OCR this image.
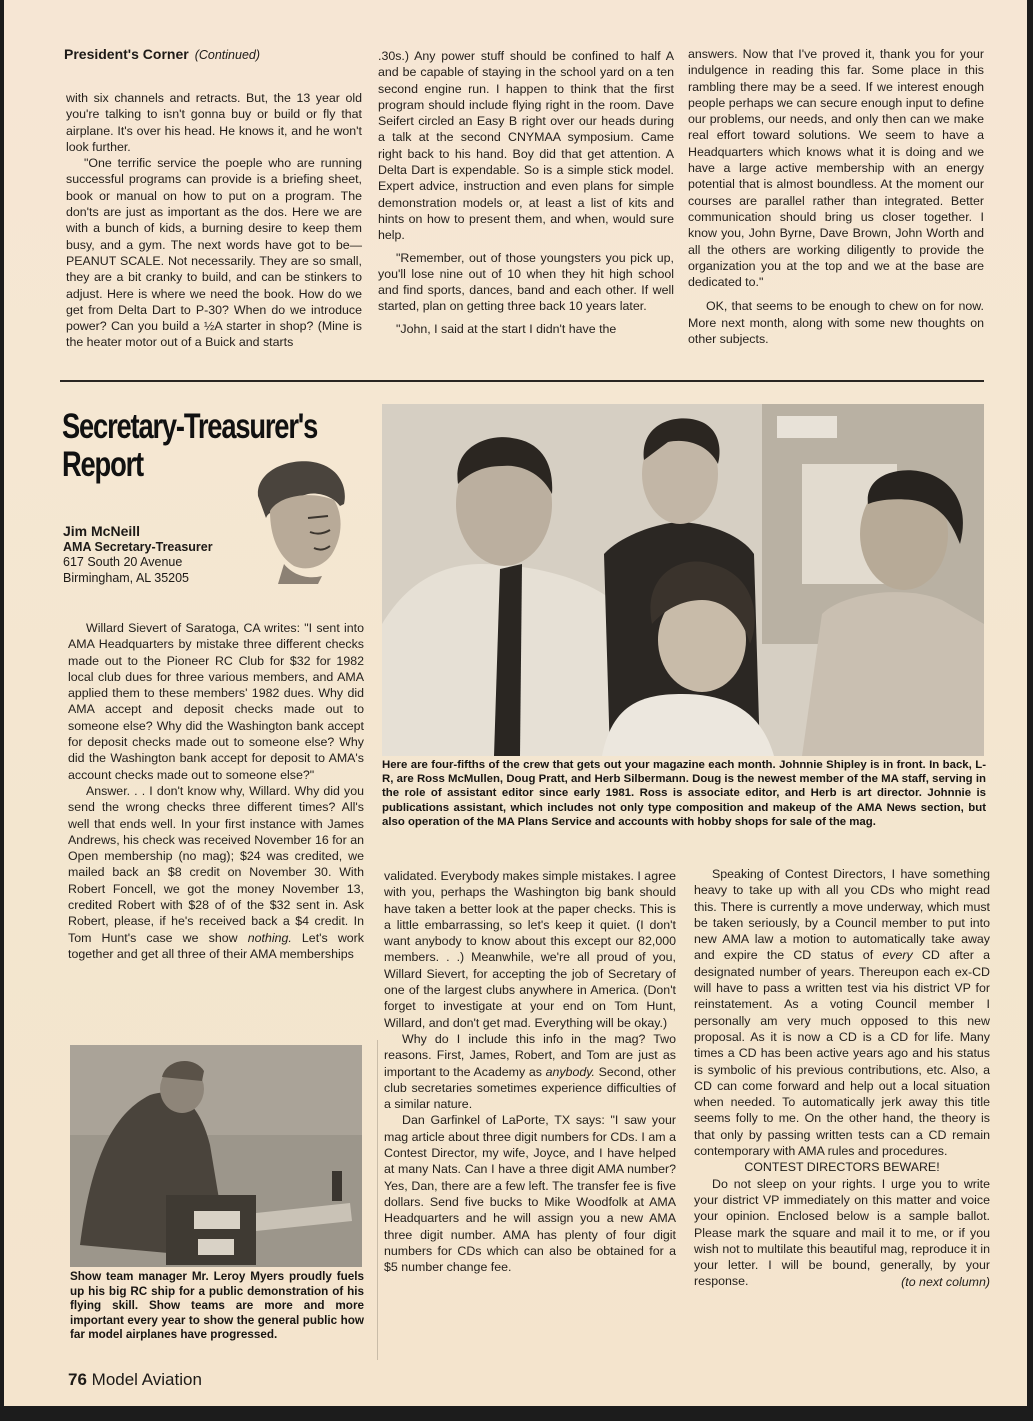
President's Corner (Continued)

with six channels and retracts. But, the 13 year old you're talking to isn't gonna buy or build or fly that airplane. It's over his head. He knows it, and he won't look further.

"One terrific service the poeple who are running successful programs can provide is a briefing sheet, book or manual on how to put on a program. The don'ts are just as important as the dos. Here we are with a bunch of kids, a burning desire to keep them busy, and a gym. The next words have got to be—PEANUT SCALE. Not necessarily. They are so small, they are a bit cranky to build, and can be stinkers to adjust. Here is where we need the book. How do we get from Delta Dart to P-30? When do we introduce power? Can you build a ½A starter in shop? (Mine is the heater motor out of a Buick and starts

.30s.) Any power stuff should be confined to half A and be capable of staying in the school yard on a ten second engine run. I happen to think that the first program should include flying right in the room. Dave Seifert circled an Easy B right over our heads during a talk at the second CNYMAA symposium. Came right back to his hand. Boy did that get attention. A Delta Dart is expendable. So is a simple stick model. Expert advice, instruction and even plans for simple demonstration models or, at least a list of kits and hints on how to present them, and when, would sure help.

"Remember, out of those youngsters you pick up, you'll lose nine out of 10 when they hit high school and find sports, dances, band and each other. If well started, plan on getting three back 10 years later.

"John, I said at the start I didn't have the

answers. Now that I've proved it, thank you for your indulgence in reading this far. Some place in this rambling there may be a seed. If we interest enough people perhaps we can secure enough input to define our problems, our needs, and only then can we make real effort toward solutions. We seem to have a Headquarters which knows what it is doing and we have a large active membership with an energy potential that is almost boundless. At the moment our courses are parallel rather than integrated. Better communication should bring us closer together. I know you, John Byrne, Dave Brown, John Worth and all the others are working diligently to provide the organization you at the top and we at the base are dedicated to."

OK, that seems to be enough to chew on for now. More next month, along with some new thoughts on other subjects.

Secretary-Treasurer's
Report
Jim McNeill
AMA Secretary-Treasurer
617 South 20 Avenue
Birmingham, AL 35205
Here are four-fifths of the crew that gets out your magazine each month. Johnnie Shipley is in front. In back, L-R, are Ross McMullen, Doug Pratt, and Herb Silbermann. Doug is the newest member of the MA staff, serving in the role of assistant editor since early 1981. Ross is associate editor, and Herb is art director. Johnnie is publications assistant, which includes not only type composition and makeup of the AMA News section, but also operation of the MA Plans Service and accounts with hobby shops for sale of the mag.

Willard Sievert of Saratoga, CA writes: "I sent into AMA Headquarters by mistake three different checks made out to the Pioneer RC Club for $32 for 1982 local club dues for three various members, and AMA applied them to these members' 1982 dues. Why did AMA accept and deposit checks made out to someone else? Why did the Washington bank accept for deposit checks made out to someone else? Why did the Washington bank accept for deposit to AMA's account checks made out to someone else?"

Answer. . . I don't know why, Willard. Why did you send the wrong checks three different times? All's well that ends well. In your first instance with James Andrews, his check was received November 16 for an Open membership (no mag); $24 was credited, we mailed back an $8 credit on November 30. With Robert Foncell, we got the money November 13, credited Robert with $28 of of the $32 sent in. Ask Robert, please, if he's received back a $4 credit. In Tom Hunt's case we show nothing. Let's work together and get all three of their AMA memberships

Show team manager Mr. Leroy Myers proudly fuels up his big RC ship for a public demonstration of his flying skill. Show teams are more and more important every year to show the general public how far model airplanes have progressed.

validated. Everybody makes simple mistakes. I agree with you, perhaps the Washington big bank should have taken a better look at the paper checks. This is a little embarrassing, so let's keep it quiet. (I don't want anybody to know about this except our 82,000 members. . .) Meanwhile, we're all proud of you, Willard Sievert, for accepting the job of Secretary of one of the largest clubs anywhere in America. (Don't forget to investigate at your end on Tom Hunt, Willard, and don't get mad. Everything will be okay.)

Why do I include this info in the mag? Two reasons. First, James, Robert, and Tom are just as important to the Academy as anybody. Second, other club secretaries sometimes experience difficulties of a similar nature.

Dan Garfinkel of LaPorte, TX says: "I saw your mag article about three digit numbers for CDs. I am a Contest Director, my wife, Joyce, and I have helped at many Nats. Can I have a three digit AMA number? Yes, Dan, there are a few left. The transfer fee is five dollars. Send five bucks to Mike Woodfolk at AMA Headquarters and he will assign you a new AMA three digit number. AMA has plenty of four digit numbers for CDs which can also be obtained for a $5 number change fee.

Speaking of Contest Directors, I have something heavy to take up with all you CDs who might read this. There is currently a move underway, which must be taken seriously, by a Council member to put into new AMA law a motion to automatically take away and expire the CD status of every CD after a designated number of years. Thereupon each ex-CD will have to pass a written test via his district VP for reinstatement. As a voting Council member I personally am very much opposed to this new proposal. As it is now a CD is a CD for life. Many times a CD has been active years ago and his status is symbolic of his previous contributions, etc. Also, a CD can come forward and help out a local situation when needed. To automatically jerk away this title seems folly to me. On the other hand, the theory is that only by passing written tests can a CD remain contemporary with AMA rules and procedures.

CONTEST DIRECTORS BEWARE!

Do not sleep on your rights. I urge you to write your district VP immediately on this matter and voice your opinion. Enclosed below is a sample ballot. Please mark the square and mail it to me, or if you wish not to multilate this beautiful mag, reproduce it in your letter. I will be bound, generally, by your response.	(to next column)

76 Model Aviation
